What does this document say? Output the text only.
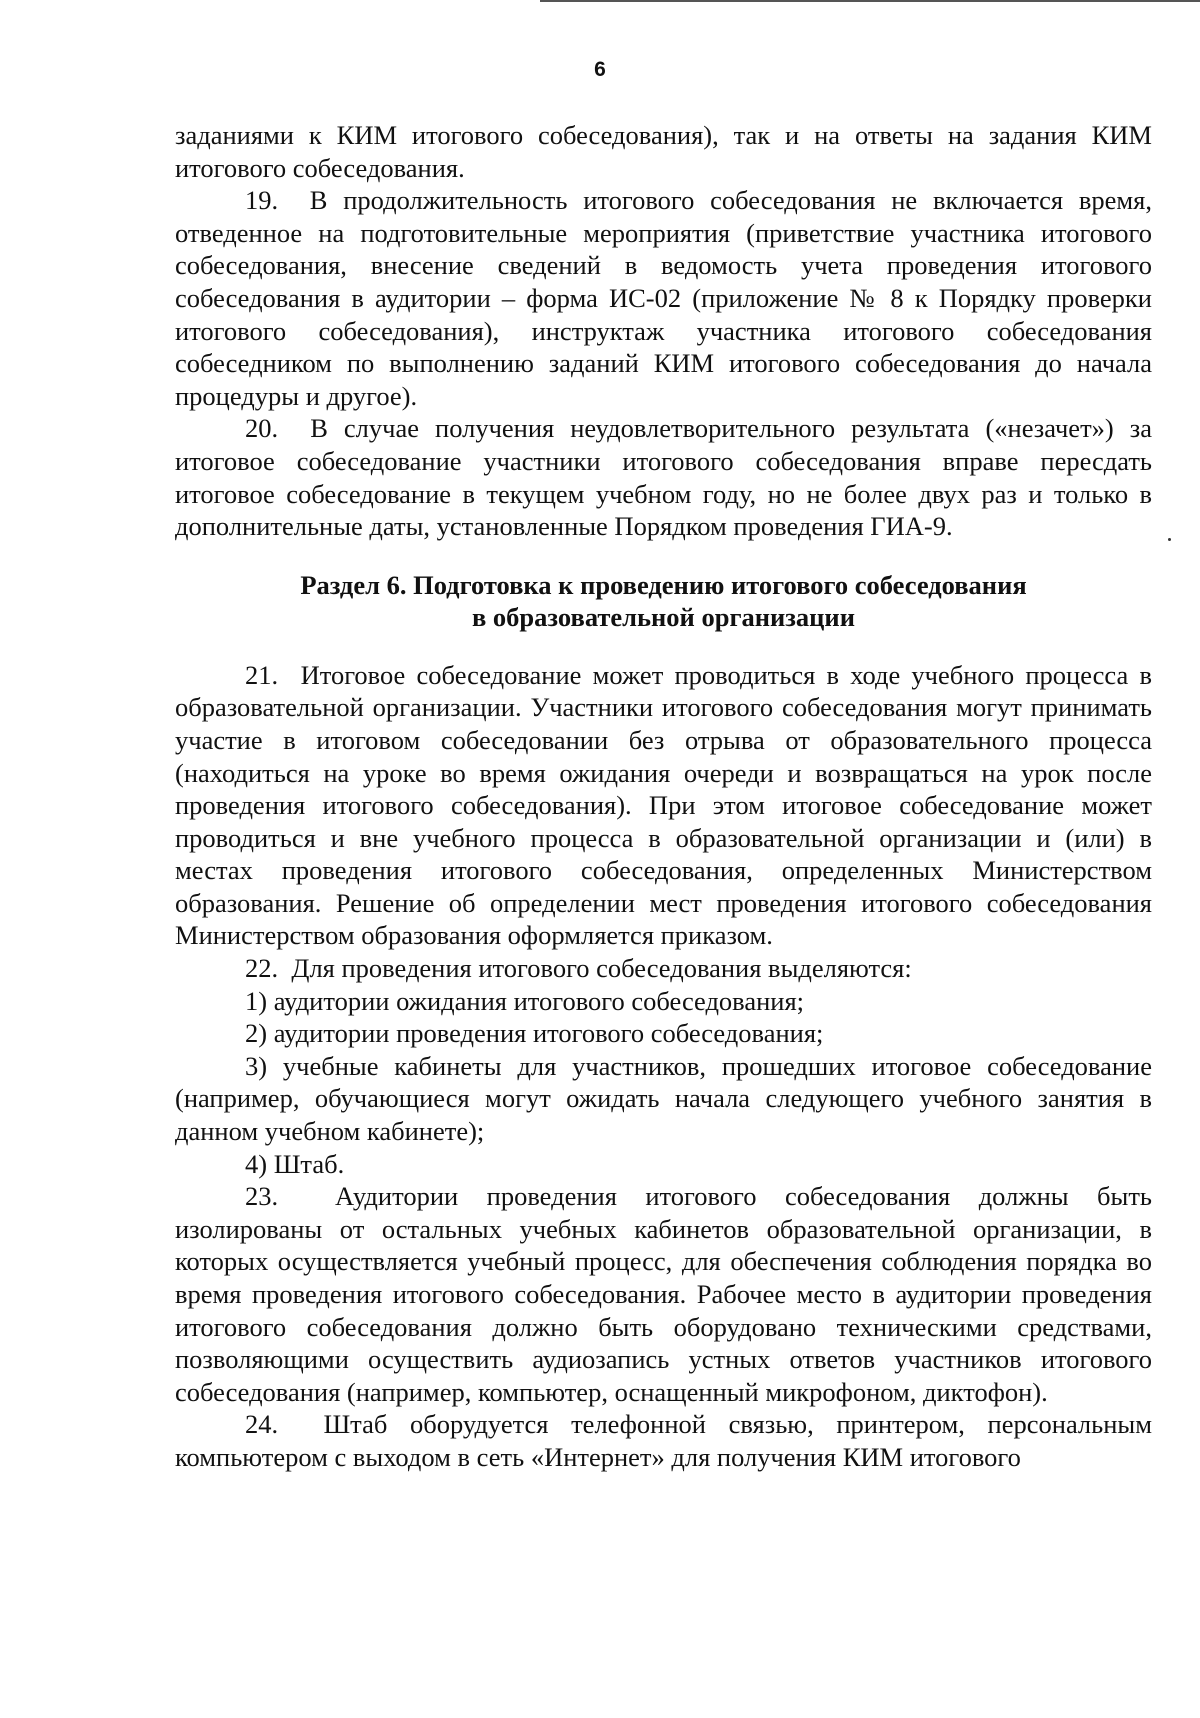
6

заданиями к КИМ итогового собеседования), так и на ответы на задания КИМ итогового собеседования.

19. В продолжительность итогового собеседования не включается время, отведенное на подготовительные мероприятия (приветствие участника итогового собеседования, внесение сведений в ведомость учета проведения итогового собеседования в аудитории – форма ИС-02 (приложение № 8 к Порядку проверки итогового собеседования), инструктаж участника итогового собеседования собеседником по выполнению заданий КИМ итогового собеседования до начала процедуры и другое).

20. В случае получения неудовлетворительного результата («незачет») за итоговое собеседование участники итогового собеседования вправе пересдать итоговое собеседование в текущем учебном году, но не более двух раз и только в дополнительные даты, установленные Порядком проведения ГИА-9.

Раздел 6. Подготовка к проведению итогового собеседования
в образовательной организации

21. Итоговое собеседование может проводиться в ходе учебного процесса в образовательной организации. Участники итогового собеседования могут принимать участие в итоговом собеседовании без отрыва от образовательного процесса (находиться на уроке во время ожидания очереди и возвращаться на урок после проведения итогового собеседования). При этом итоговое собеседование может проводиться и вне учебного процесса в образовательной организации и (или) в местах проведения итогового собеседования, определенных Министерством образования. Решение об определении мест проведения итогового собеседования Министерством образования оформляется приказом.

22. Для проведения итогового собеседования выделяются:

1) аудитории ожидания итогового собеседования;

2) аудитории проведения итогового собеседования;

3) учебные кабинеты для участников, прошедших итоговое собеседование (например, обучающиеся могут ожидать начала следующего учебного занятия в данном учебном кабинете);

4) Штаб.

23. Аудитории проведения итогового собеседования должны быть изолированы от остальных учебных кабинетов образовательной организации, в которых осуществляется учебный процесс, для обеспечения соблюдения порядка во время проведения итогового собеседования. Рабочее место в аудитории проведения итогового собеседования должно быть оборудовано техническими средствами, позволяющими осуществить аудиозапись устных ответов участников итогового собеседования (например, компьютер, оснащенный микрофоном, диктофон).

24. Штаб оборудуется телефонной связью, принтером, персональным компьютером с выходом в сеть «Интернет» для получения КИМ итогового
